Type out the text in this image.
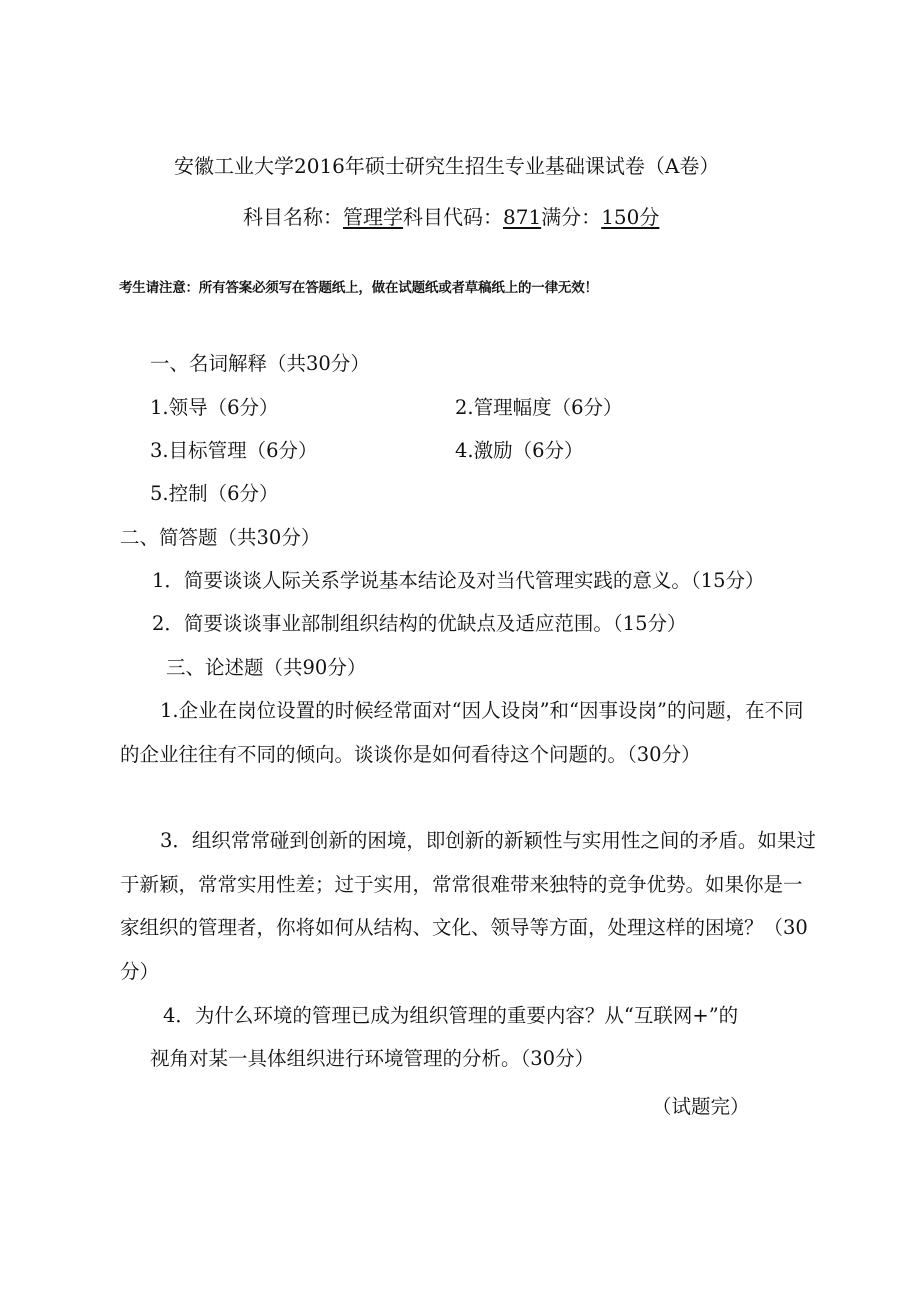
安徽工业大学2016年硕士研究生招生专业基础课试卷（A卷）
科目名称：管理学科目代码：871满分：150分
考生请注意：所有答案必须写在答题纸上，做在试题纸或者草稿纸上的一律无效！
一、名词解释（共30分）
1.领导（6分）	2.管理幅度（6分）
3.目标管理（6分）	4.激励（6分）
5.控制（6分）
二、简答题（共30分）
1．简要谈谈人际关系学说基本结论及对当代管理实践的意义。（15分）
2．简要谈谈事业部制组织结构的优缺点及适应范围。（15分）
三、论述题（共90分）
1.企业在岗位设置的时候经常面对“因人设岗”和“因事设岗”的问题，在不同的企业往往有不同的倾向。谈谈你是如何看待这个问题的。（30分）
3．组织常常碰到创新的困境，即创新的新颖性与实用性之间的矛盾。如果过于新颖，常常实用性差；过于实用，常常很难带来独特的竞争优势。如果你是一家组织的管理者，你将如何从结构、文化、领导等方面，处理这样的困境？（30分）
4．为什么环境的管理已成为组织管理的重要内容？从“互联网+”的
视角对某一具体组织进行环境管理的分析。（30分）
（试题完）
